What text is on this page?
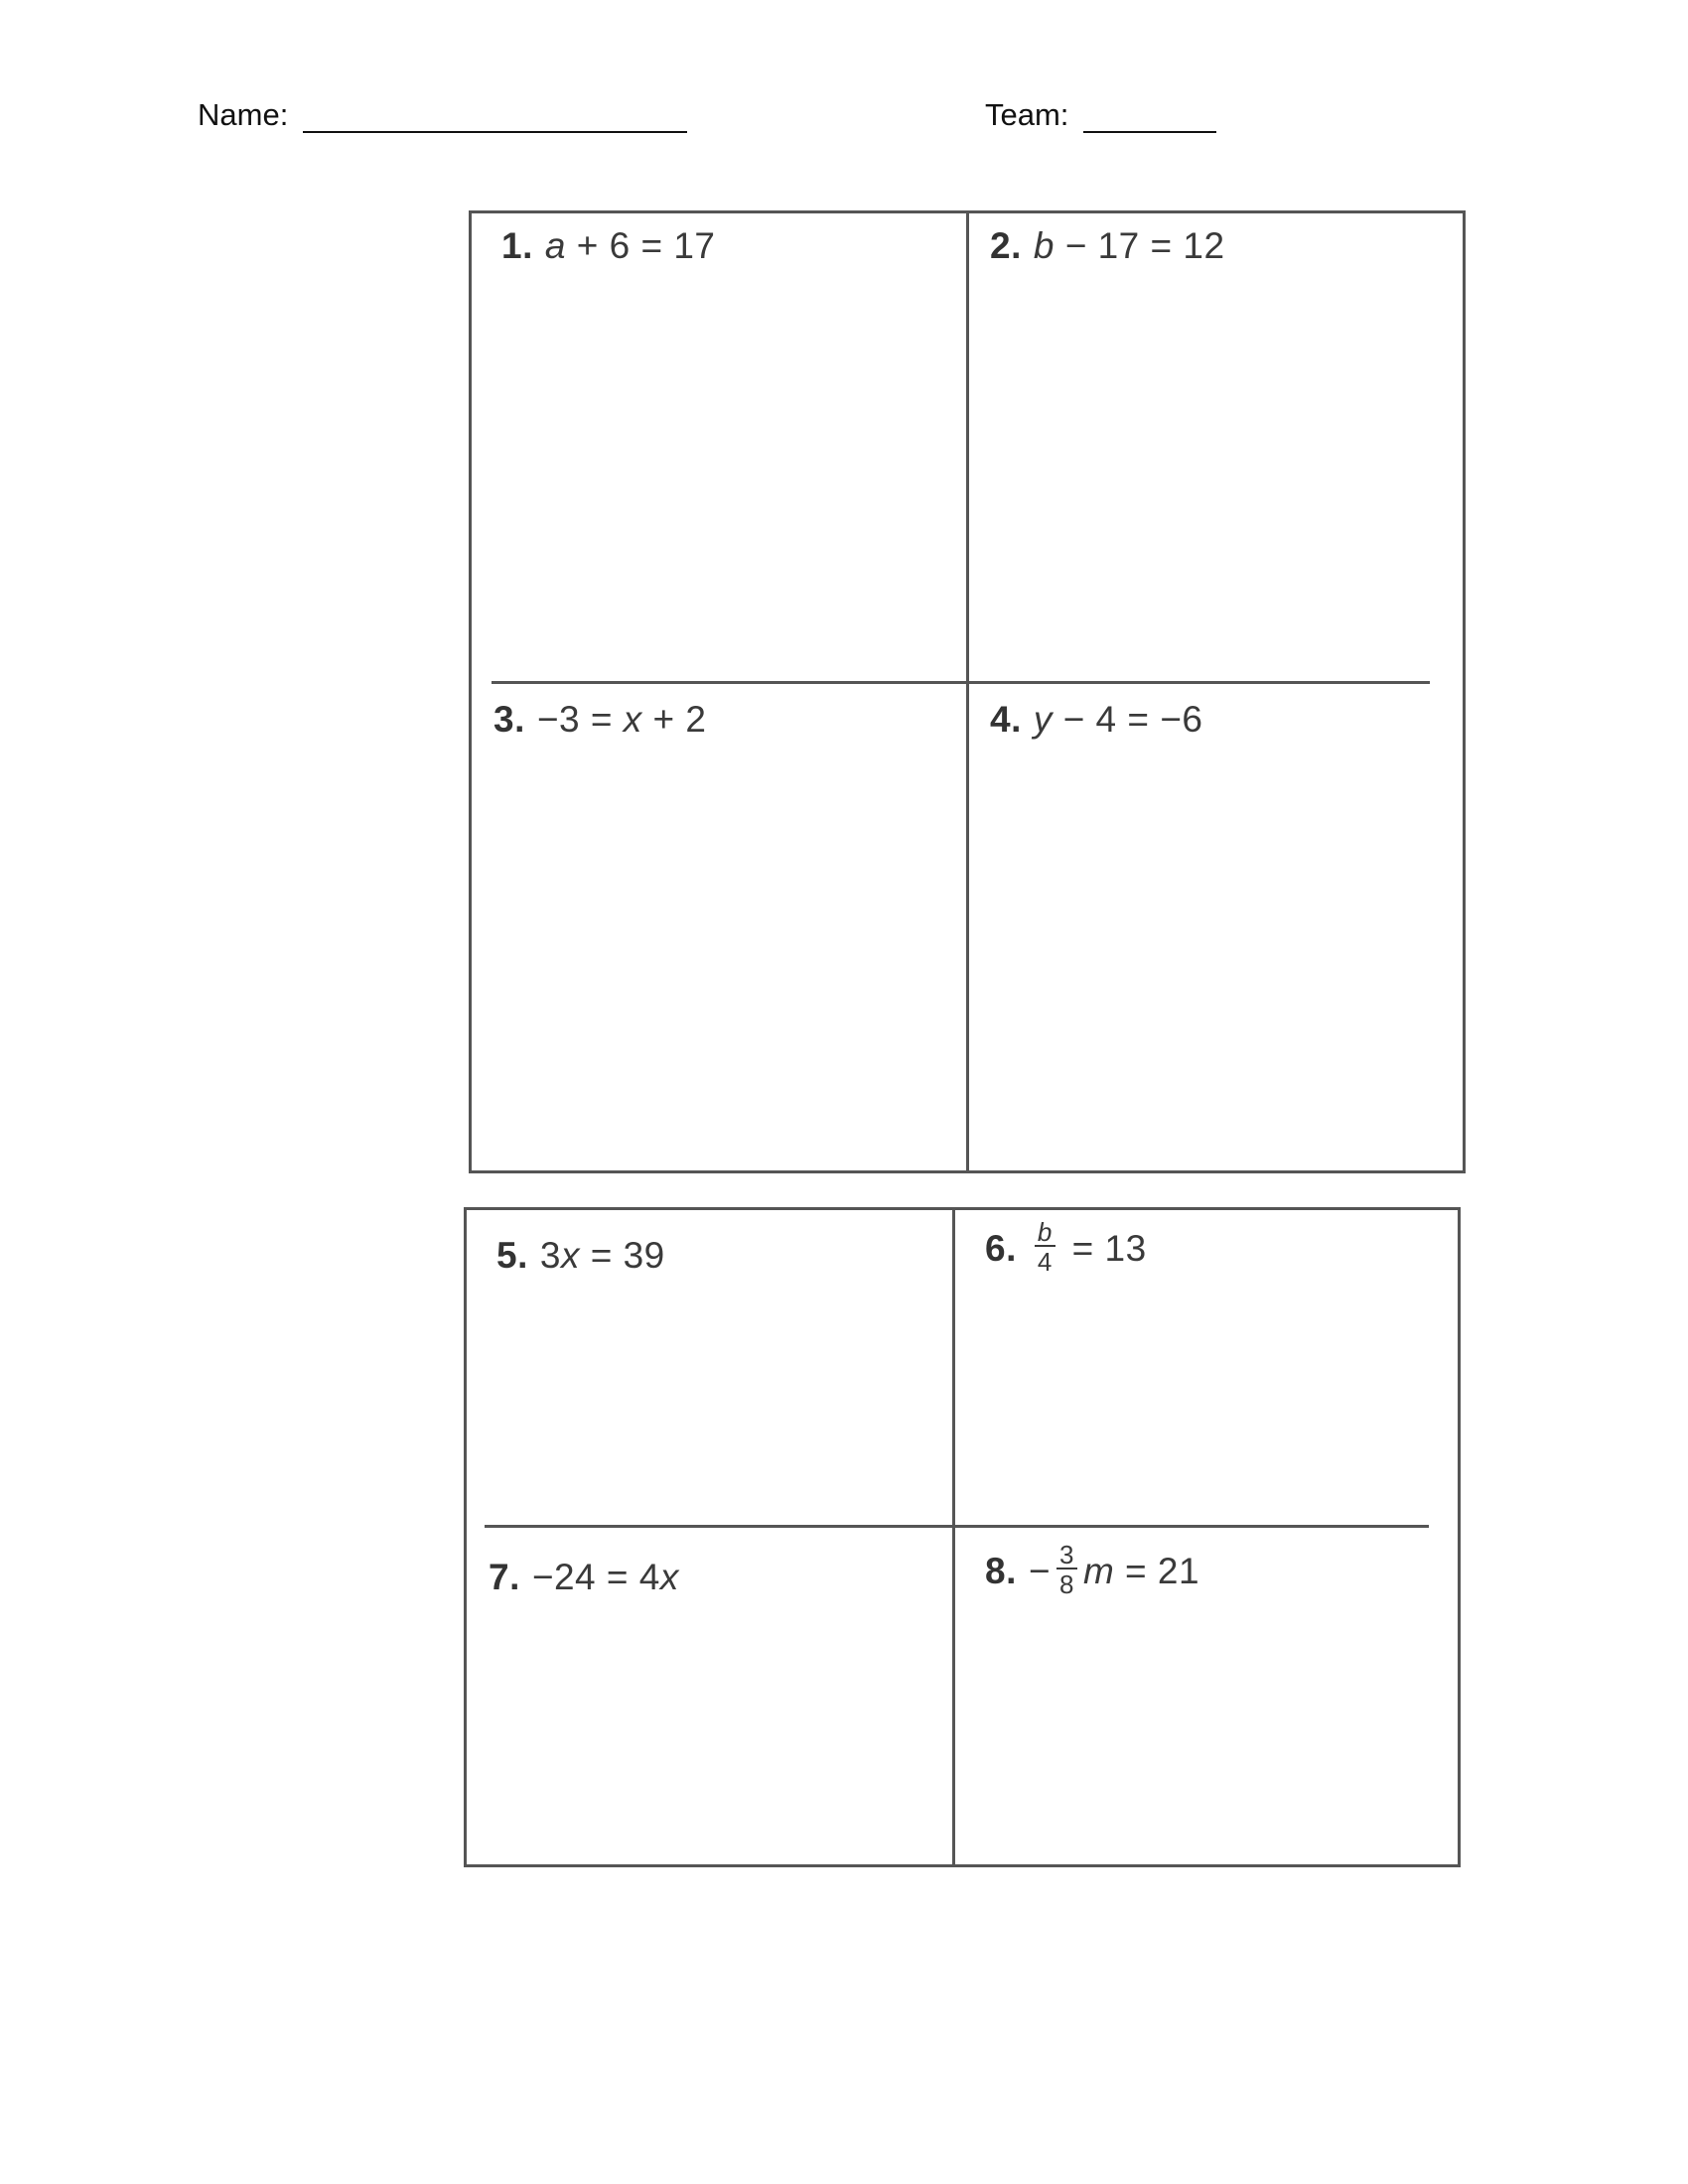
Name:	Team:
1. a + 6 = 17	2. b − 17 = 12
3. −3 = x + 2	4. y − 4 = −6
5. 3x = 39	6. $\frac{b}{4} = 13$
7. −24 = 4x	8. − $\frac{3}{8}$ m = 21
